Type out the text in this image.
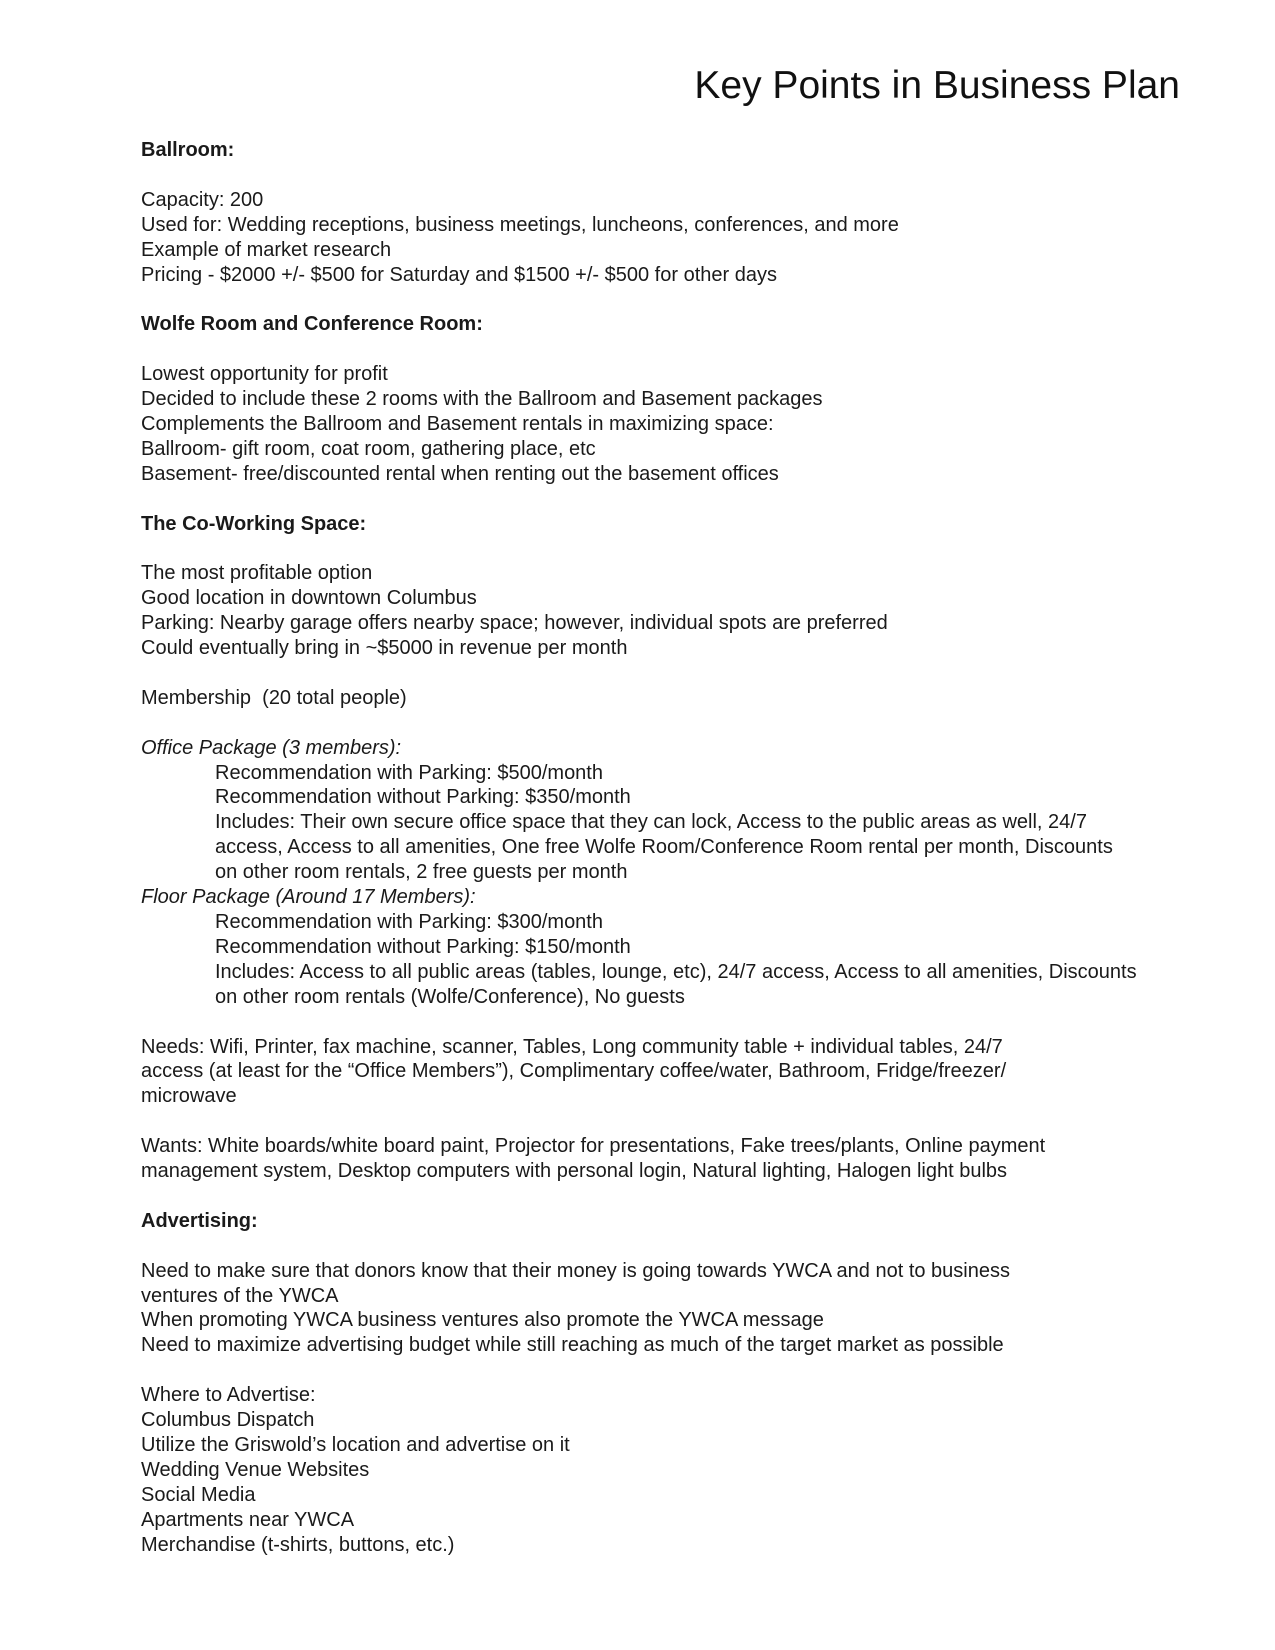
Key Points in Business Plan

Ballroom:

Capacity: 200

Used for: Wedding receptions, business meetings, luncheons, conferences, and more

Example of market research

Pricing - $2000 +/- $500 for Saturday and $1500 +/- $500 for other days

Wolfe Room and Conference Room:

Lowest opportunity for profit

Decided to include these 2 rooms with the Ballroom and Basement packages

Complements the Ballroom and Basement rentals in maximizing space:

Ballroom- gift room, coat room, gathering place, etc

Basement- free/discounted rental when renting out the basement offices

The Co-Working Space:

The most profitable option

Good location in downtown Columbus

Parking: Nearby garage offers nearby space; however, individual spots are preferred

Could eventually bring in ~$5000 in revenue per month

Membership  (20 total people)

Office Package (3 members):

Recommendation with Parking: $500/month

Recommendation without Parking: $350/month

Includes: Their own secure office space that they can lock, Access to the public areas as well, 24/7 access, Access to all amenities, One free Wolfe Room/Conference Room rental per month, Discounts on other room rentals, 2 free guests per month

Floor Package (Around 17 Members):

Recommendation with Parking: $300/month

Recommendation without Parking: $150/month

Includes: Access to all public areas (tables, lounge, etc), 24/7 access, Access to all amenities, Discounts on other room rentals (Wolfe/Conference), No guests

Needs: Wifi, Printer, fax machine, scanner, Tables, Long community table + individual tables, 24/7 access (at least for the “Office Members”), Complimentary coffee/water, Bathroom, Fridge/freezer/ microwave

Wants: White boards/white board paint, Projector for presentations, Fake trees/plants, Online payment management system, Desktop computers with personal login, Natural lighting, Halogen light bulbs

Advertising:

Need to make sure that donors know that their money is going towards YWCA and not to business ventures of the YWCA

When promoting YWCA business ventures also promote the YWCA message

Need to maximize advertising budget while still reaching as much of the target market as possible

Where to Advertise:

Columbus Dispatch

Utilize the Griswold’s location and advertise on it

Wedding Venue Websites

Social Media

Apartments near YWCA

Merchandise (t-shirts, buttons, etc.)
